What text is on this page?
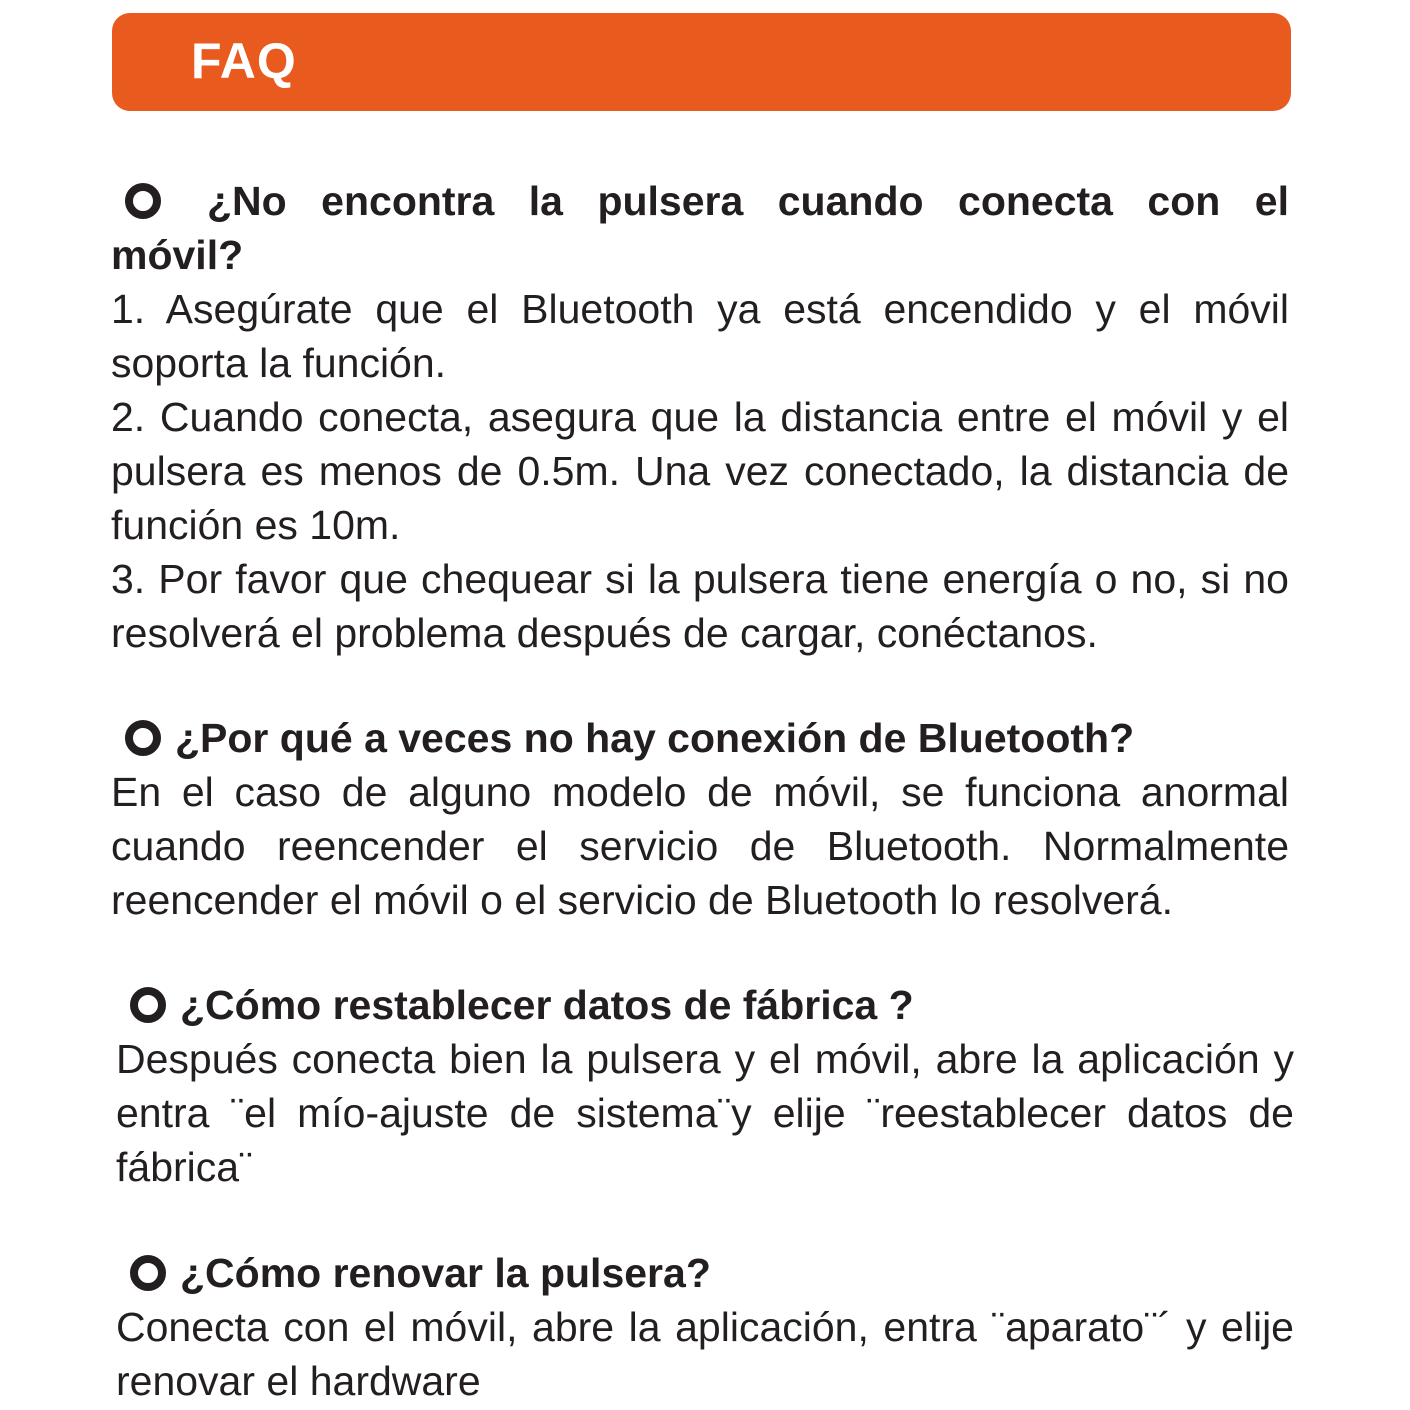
FAQ

¿No encontra la pulsera cuando conecta con el móvil?

1. Asegúrate que el Bluetooth ya está encendido y el móvil soporta la función.
2. Cuando conecta, asegura que la distancia entre el móvil y el pulsera es menos de 0.5m. Una vez conectado, la distancia de función es 10m.
3. Por favor que chequear si la pulsera tiene energía o no, si no resolverá el problema después de cargar, conéctanos.

¿Por qué a veces no hay conexión de Bluetooth?

En el caso de alguno modelo de móvil, se funciona anormal cuando reencender el servicio de Bluetooth. Normalmente reencender el móvil o el servicio de Bluetooth lo resolverá.

¿Cómo restablecer datos de fábrica ?

Después conecta bien la pulsera y el móvil, abre la aplicación y entra ¨el mío-ajuste de sistema¨y elije ¨reestablecer datos de fábrica¨

¿Cómo renovar la pulsera?

Conecta con el móvil, abre la aplicación, entra ¨aparato¨´ y elije renovar el hardware
